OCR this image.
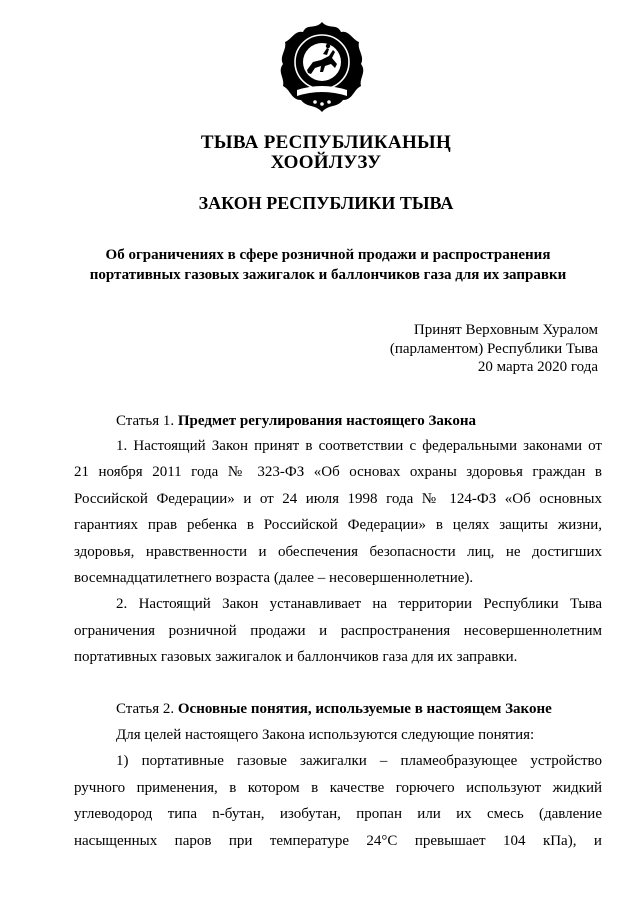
ТЫВА РЕСПУБЛИКАНЫҢ
ХООЙЛУЗУ
ЗАКОН РЕСПУБЛИКИ ТЫВА
Об ограничениях в сфере розничной продажи и распространения
портативных газовых зажигалок и баллончиков газа для их заправки
Принят Верховным Хуралом
(парламентом) Республики Тыва
20 марта 2020 года
Статья 1. Предмет регулирования настоящего Закона
1. Настоящий Закон принят в соответствии с федеральными законами от
21 ноября 2011 года № 323-ФЗ «Об основах охраны здоровья граждан в
Российской Федерации» и от 24 июля 1998 года № 124-ФЗ «Об основных
гарантиях прав ребенка в Российской Федерации» в целях защиты жизни,
здоровья, нравственности и обеспечения безопасности лиц, не достигших
восемнадцатилетнего возраста (далее – несовершеннолетние).
2. Настоящий Закон устанавливает на территории Республики Тыва
ограничения розничной продажи и распространения несовершеннолетним
портативных газовых зажигалок и баллончиков газа для их заправки.
Статья 2. Основные понятия, используемые в настоящем Законе
Для целей настоящего Закона используются следующие понятия:
1) портативные газовые зажигалки – пламеобразующее устройство
ручного применения, в котором в качестве горючего используют жидкий
углеводород типа n-бутан, изобутан, пропан или их смесь (давление
насыщенных паров при температуре 24°С превышает 104 кПа), и
